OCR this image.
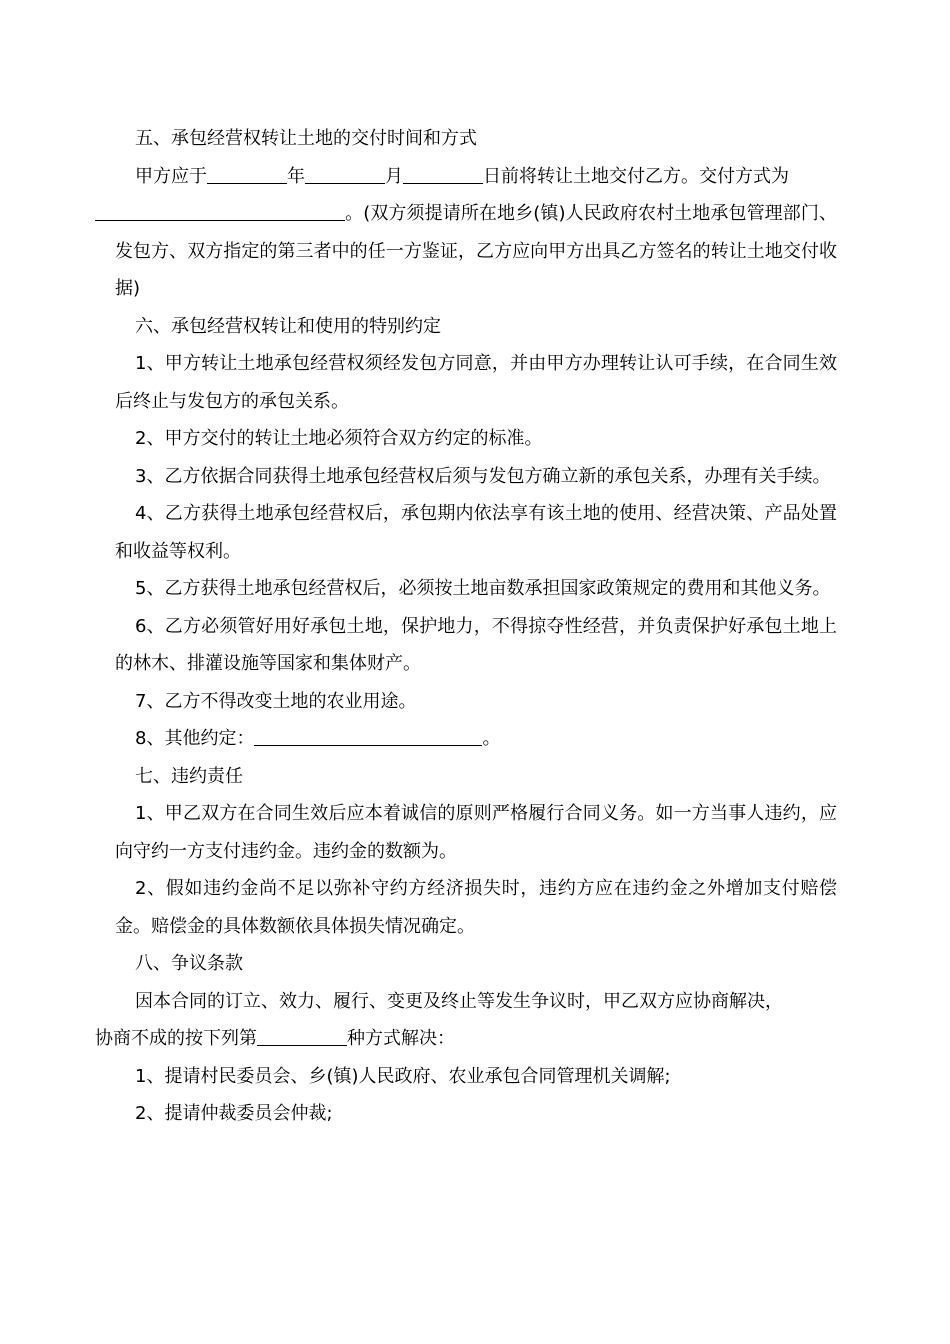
五、承包经营权转让土地的交付时间和方式

甲方应于	年	月	日前将转让土地交付乙方。交付方式为
。(双方须提请所在地乡(镇)人民政府农村土地承包管理部门、发包方、双方指定的第三者中的任一方鉴证，乙方应向甲方出具乙方签名的转让土地交付收据)

六、承包经营权转让和使用的特别约定

1、甲方转让土地承包经营权须经发包方同意，并由甲方办理转让认可手续，在合同生效后终止与发包方的承包关系。

2、甲方交付的转让土地必须符合双方约定的标准。

3、乙方依据合同获得土地承包经营权后须与发包方确立新的承包关系，办理有关手续。

4、乙方获得土地承包经营权后，承包期内依法享有该土地的使用、经营决策、产品处置和收益等权利。

5、乙方获得土地承包经营权后，必须按土地亩数承担国家政策规定的费用和其他义务。

6、乙方必须管好用好承包土地，保护地力，不得掠夺性经营，并负责保护好承包土地上的林木、排灌设施等国家和集体财产。

7、乙方不得改变土地的农业用途。

8、其他约定：	。

七、违约责任

1、甲乙双方在合同生效后应本着诚信的原则严格履行合同义务。如一方当事人违约，应向守约一方支付违约金。违约金的数额为。

2、假如违约金尚不足以弥补守约方经济损失时，违约方应在违约金之外增加支付赔偿金。赔偿金的具体数额依具体损失情况确定。

八、争议条款

因本合同的订立、效力、履行、变更及终止等发生争议时，甲乙双方应协商解决，
协商不成的按下列第	种方式解决：

1、提请村民委员会、乡(镇)人民政府、农业承包合同管理机关调解;

2、提请仲裁委员会仲裁;
